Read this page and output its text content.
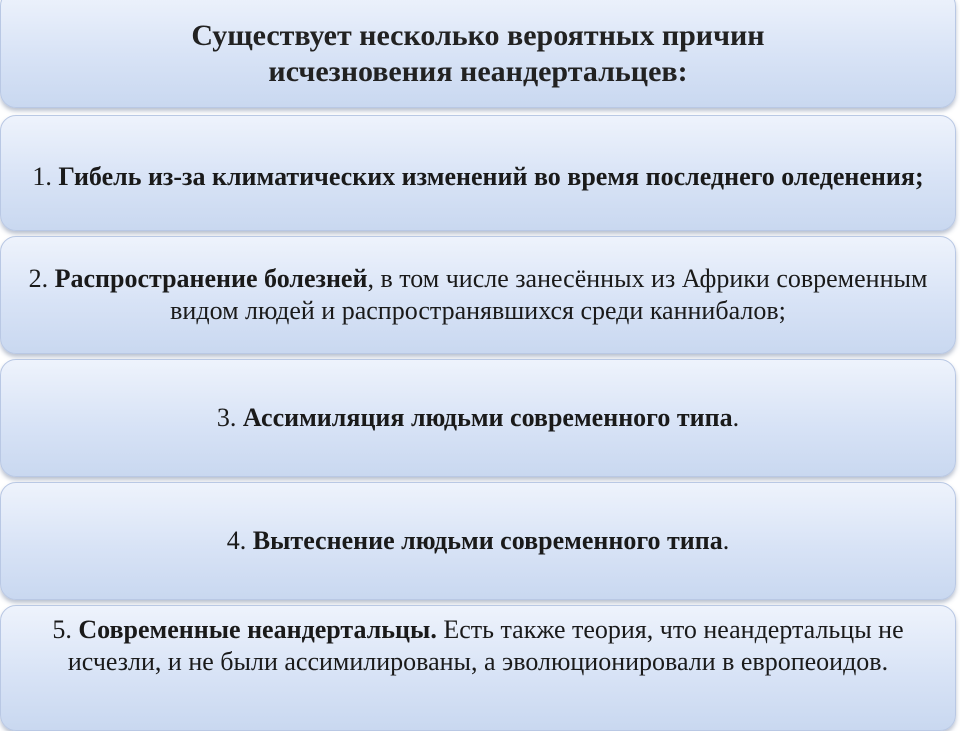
Существует несколько вероятных причин
исчезновения неандертальцев:
1. Гибель из-за климатических изменений во время последнего оледенения;
2. Распространение болезней, в том числе занесённых из Африки современным видом людей и распространявшихся среди каннибалов;
3. Ассимиляция людьми современного типа.
4. Вытеснение людьми современного типа.
5. Современные неандертальцы. Есть также теория, что неандертальцы не исчезли, и не были ассимилированы, а эволюционировали в европеоидов.
